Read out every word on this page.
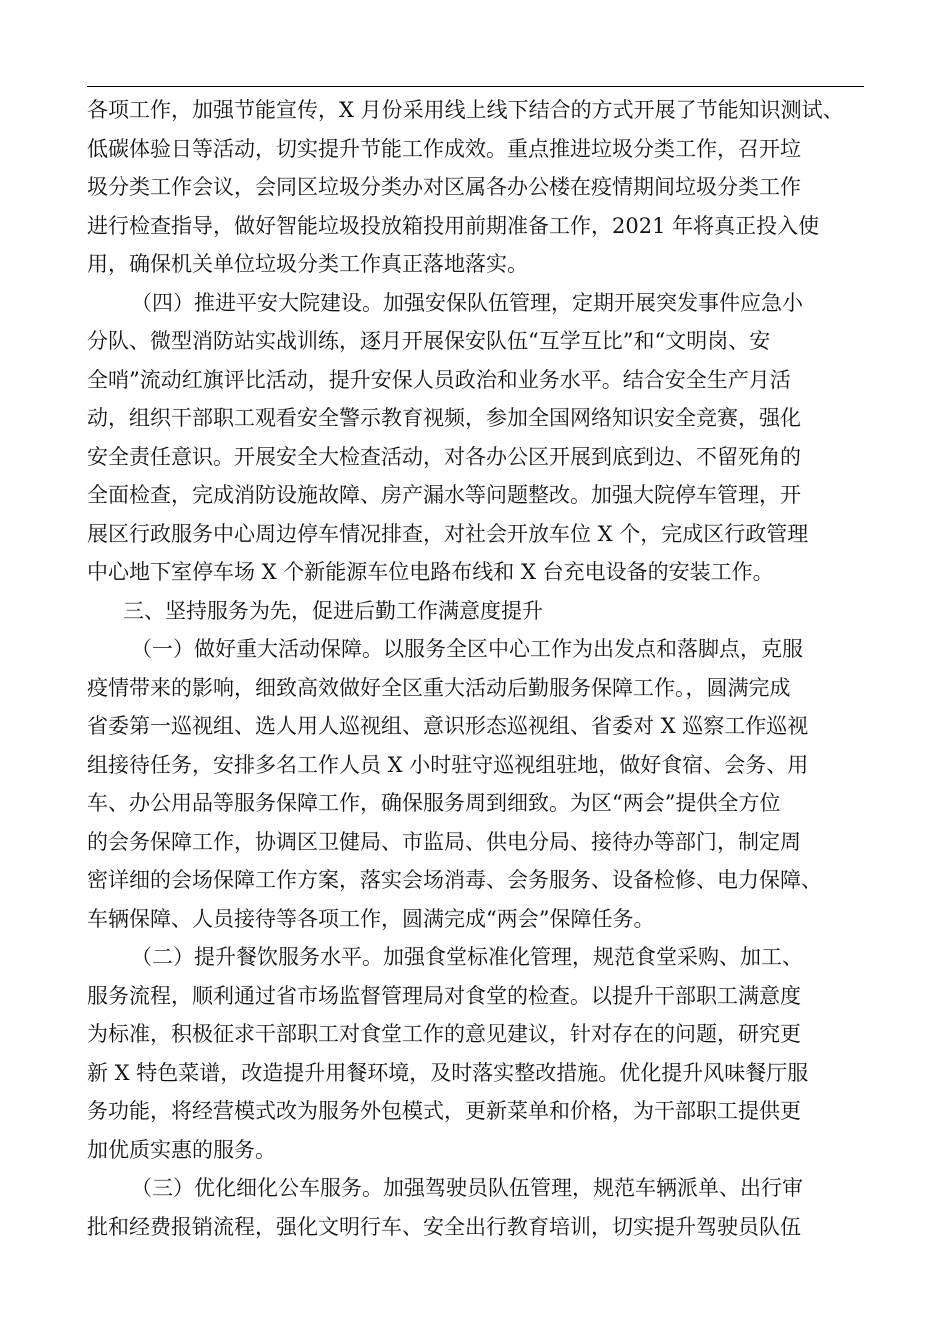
各项工作，加强节能宣传，X 月份采用线上线下结合的方式开展了节能知识测试、
低碳体验日等活动，切实提升节能工作成效。重点推进垃圾分类工作，召开垃
圾分类工作会议，会同区垃圾分类办对区属各办公楼在疫情期间垃圾分类工作
进行检查指导，做好智能垃圾投放箱投用前期准备工作，2021 年将真正投入使
用，确保机关单位垃圾分类工作真正落地落实。
（四）推进平安大院建设。加强安保队伍管理，定期开展突发事件应急小
分队、微型消防站实战训练，逐月开展保安队伍“互学互比”和“文明岗、安
全哨”流动红旗评比活动，提升安保人员政治和业务水平。结合安全生产月活
动，组织干部职工观看安全警示教育视频，参加全国网络知识安全竞赛，强化
安全责任意识。开展安全大检查活动，对各办公区开展到底到边、不留死角的
全面检查，完成消防设施故障、房产漏水等问题整改。加强大院停车管理，开
展区行政服务中心周边停车情况排查，对社会开放车位 X 个，完成区行政管理
中心地下室停车场 X 个新能源车位电路布线和 X 台充电设备的安装工作。
三、坚持服务为先，促进后勤工作满意度提升
（一）做好重大活动保障。以服务全区中心工作为出发点和落脚点，克服
疫情带来的影响，细致高效做好全区重大活动后勤服务保障工作。，圆满完成
省委第一巡视组、选人用人巡视组、意识形态巡视组、省委对 X 巡察工作巡视
组接待任务，安排多名工作人员 X 小时驻守巡视组驻地，做好食宿、会务、用
车、办公用品等服务保障工作，确保服务周到细致。为区“两会”提供全方位
的会务保障工作，协调区卫健局、市监局、供电分局、接待办等部门，制定周
密详细的会场保障工作方案，落实会场消毒、会务服务、设备检修、电力保障、
车辆保障、人员接待等各项工作，圆满完成“两会”保障任务。
（二）提升餐饮服务水平。加强食堂标准化管理，规范食堂采购、加工、
服务流程，顺利通过省市场监督管理局对食堂的检查。以提升干部职工满意度
为标准，积极征求干部职工对食堂工作的意见建议，针对存在的问题，研究更
新 X 特色菜谱，改造提升用餐环境，及时落实整改措施。优化提升风味餐厅服
务功能，将经营模式改为服务外包模式，更新菜单和价格，为干部职工提供更
加优质实惠的服务。
（三）优化细化公车服务。加强驾驶员队伍管理，规范车辆派单、出行审
批和经费报销流程，强化文明行车、安全出行教育培训，切实提升驾驶员队伍
